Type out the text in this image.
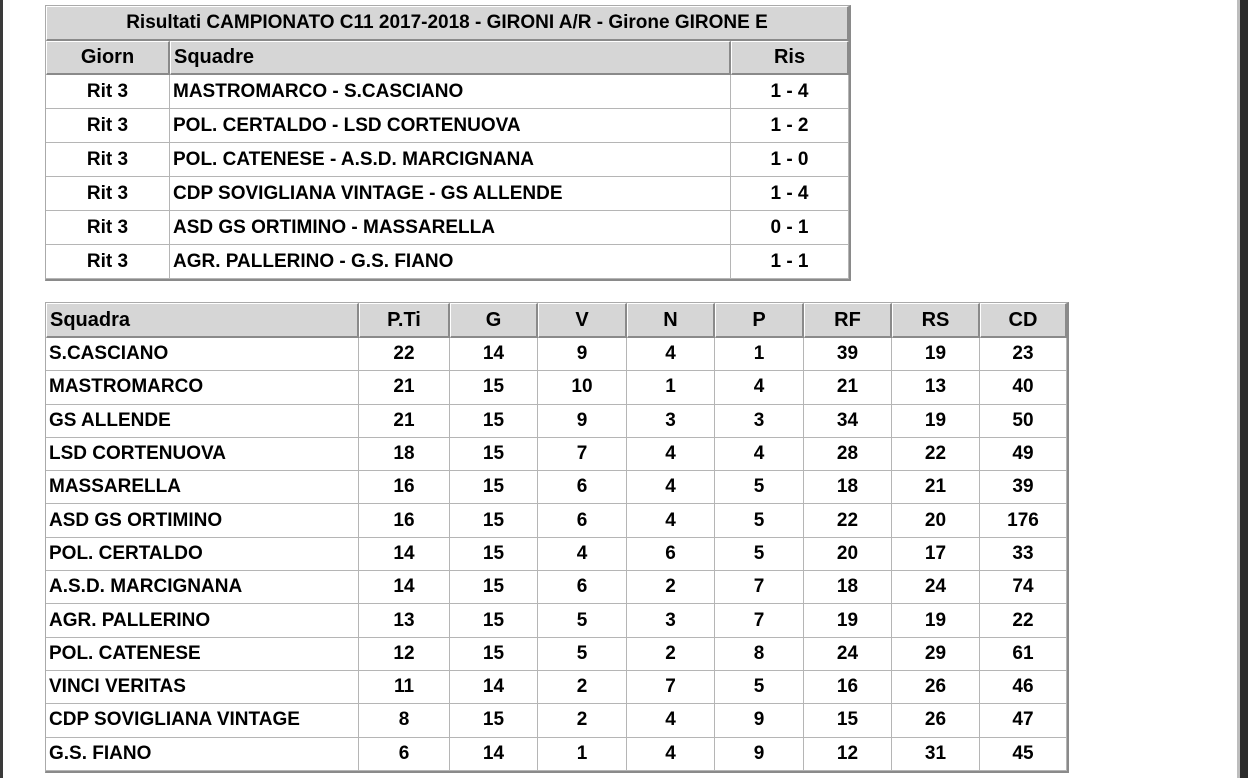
Risultati CAMPIONATO C11 2017-2018 - GIRONI A/R - Girone GIRONE E		
Giorn	Squadre	Ris
Rit 3	MASTROMARCO - S.CASCIANO	1 - 4
Rit 3	POL. CERTALDO - LSD CORTENUOVA	1 - 2
Rit 3	POL. CATENESE - A.S.D. MARCIGNANA	1 - 0
Rit 3	CDP SOVIGLIANA VINTAGE - GS ALLENDE	1 - 4
Rit 3	ASD GS ORTIMINO - MASSARELLA	0 - 1
Rit 3	AGR. PALLERINO - G.S. FIANO	1 - 1
Squadra	P.Ti	G	V	N	P	RF	RS	CD
S.CASCIANO	22	14	9	4	1	39	19	23
MASTROMARCO	21	15	10	1	4	21	13	40
GS ALLENDE	21	15	9	3	3	34	19	50
LSD CORTENUOVA	18	15	7	4	4	28	22	49
MASSARELLA	16	15	6	4	5	18	21	39
ASD GS ORTIMINO	16	15	6	4	5	22	20	176
POL. CERTALDO	14	15	4	6	5	20	17	33
A.S.D. MARCIGNANA	14	15	6	2	7	18	24	74
AGR. PALLERINO	13	15	5	3	7	19	19	22
POL. CATENESE	12	15	5	2	8	24	29	61
VINCI VERITAS	11	14	2	7	5	16	26	46
CDP SOVIGLIANA VINTAGE	8	15	2	4	9	15	26	47
G.S. FIANO	6	14	1	4	9	12	31	45
